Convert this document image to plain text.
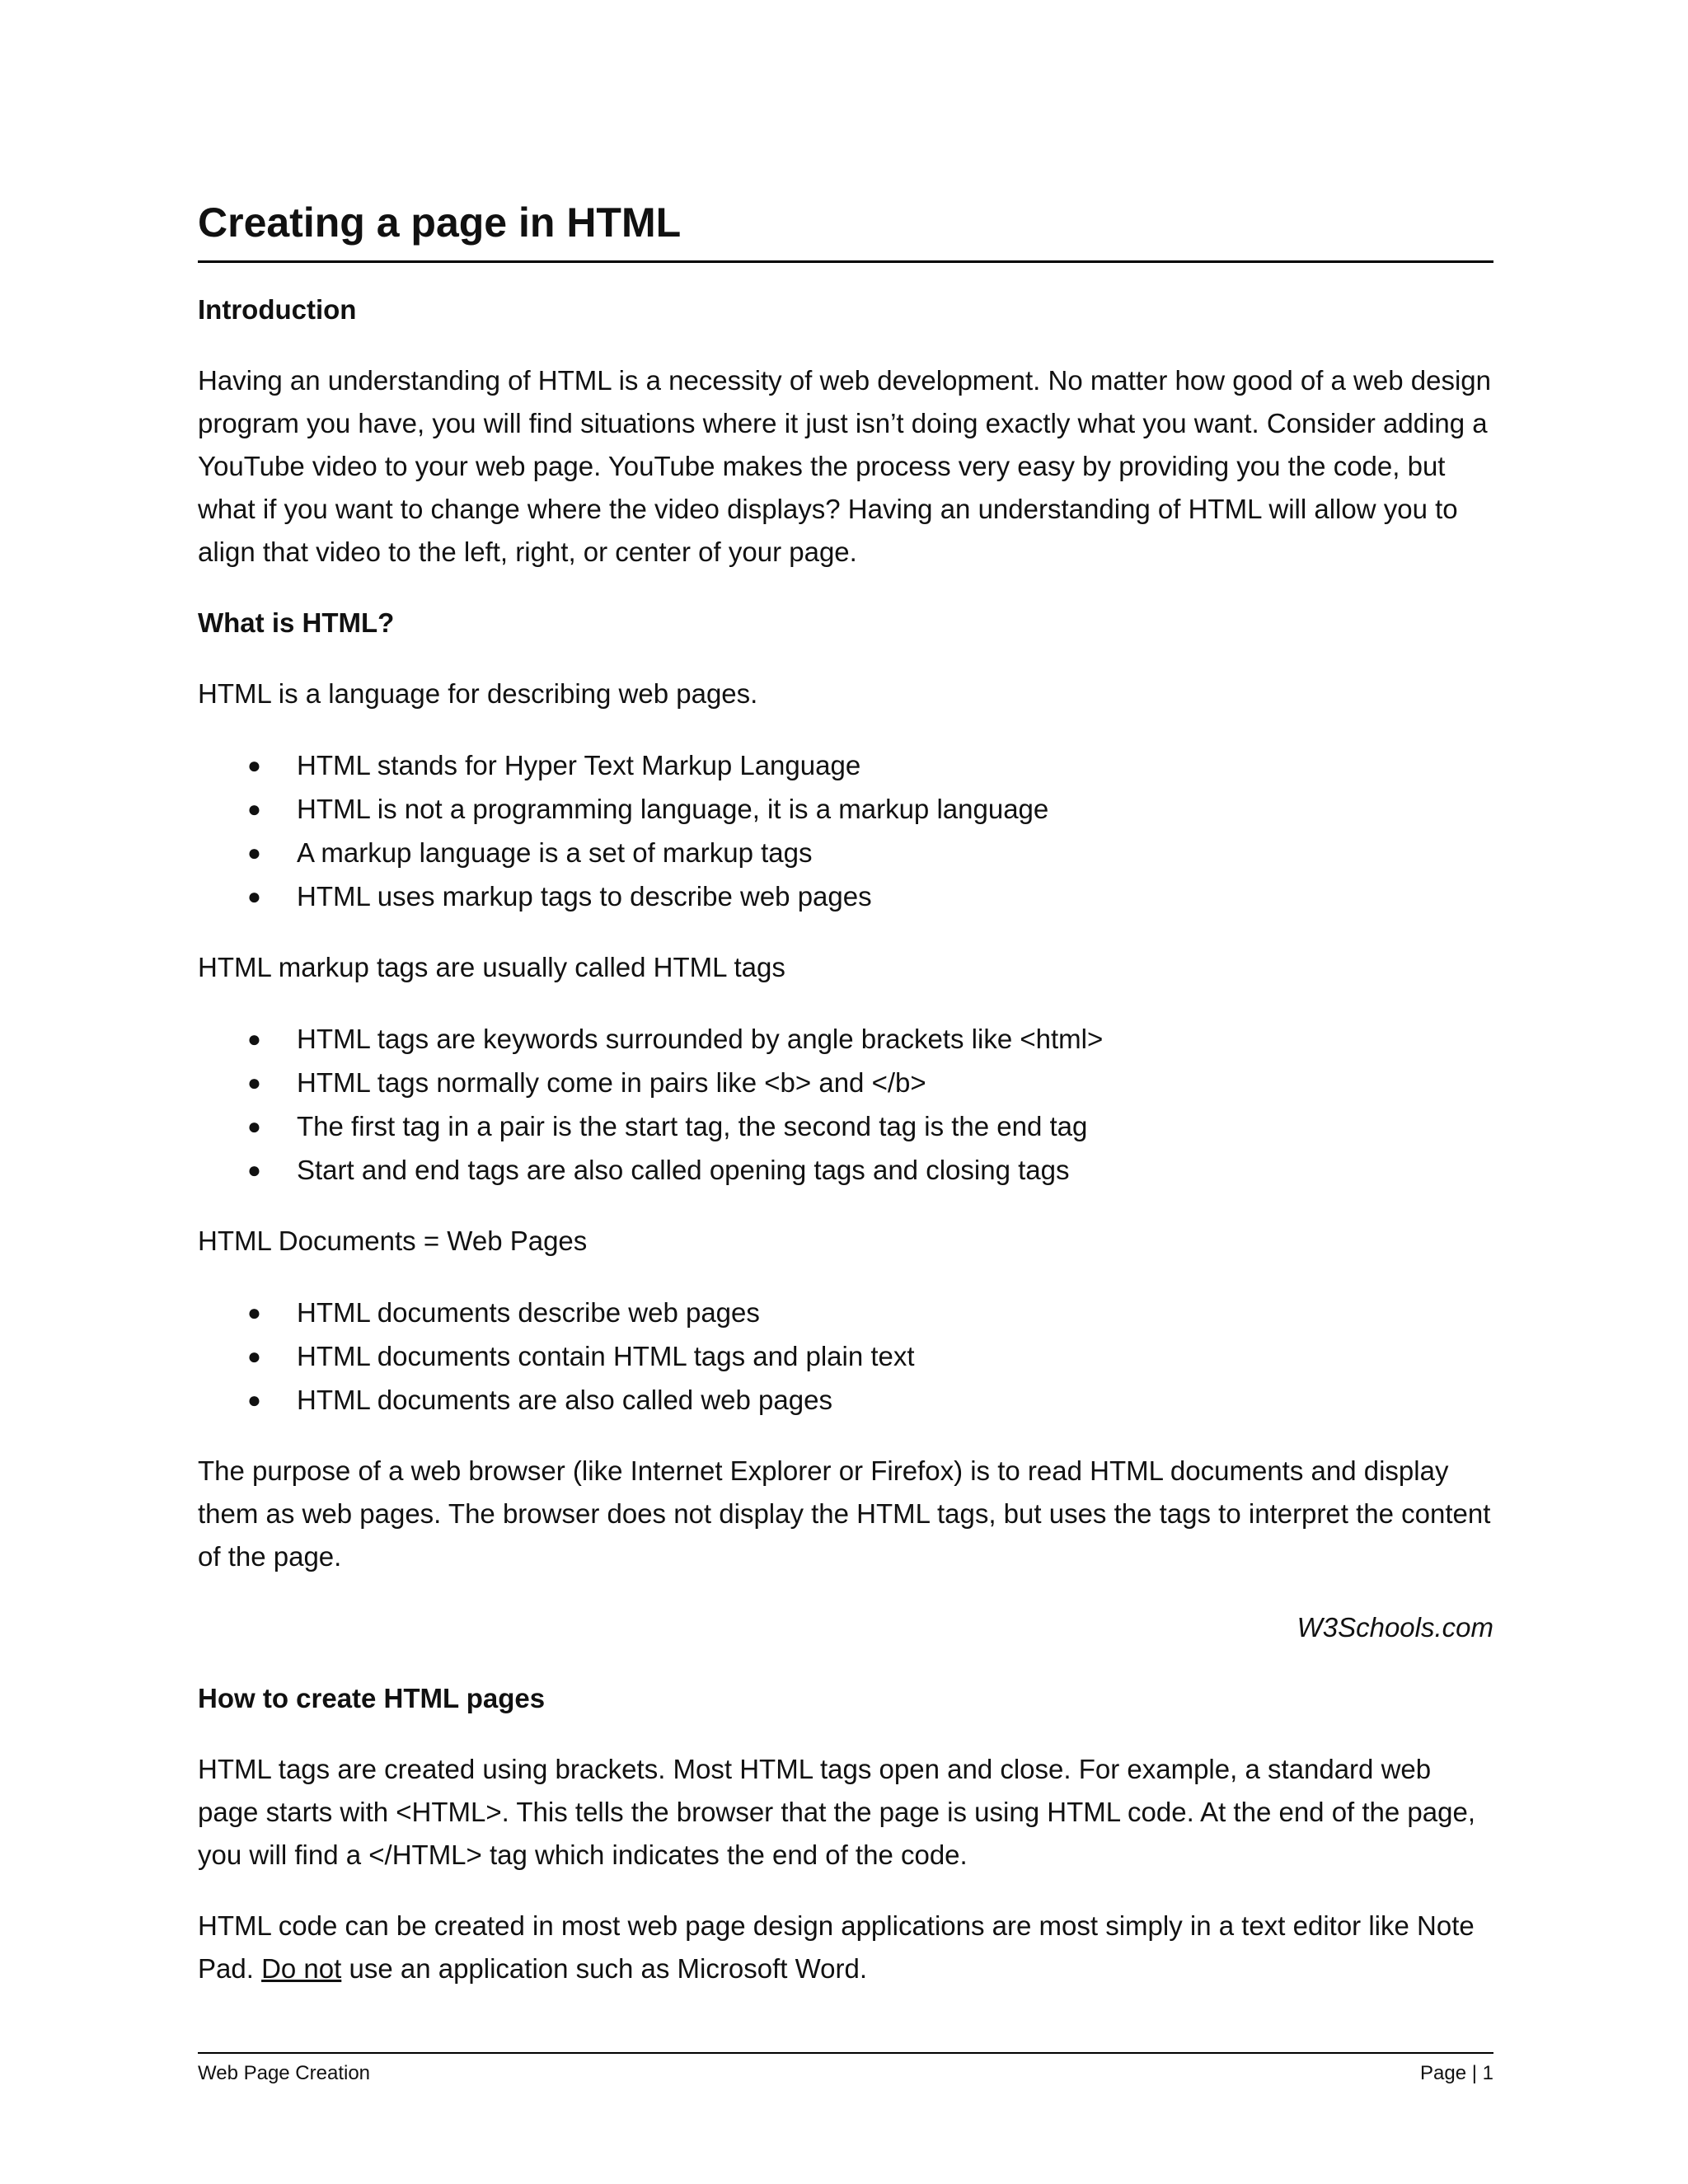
Creating a page in HTML
Introduction

Having an understanding of HTML is a necessity of web development. No matter how good of a web design program you have, you will find situations where it just isn’t doing exactly what you want. Consider adding a YouTube video to your web page. YouTube makes the process very easy by providing you the code, but what if you want to change where the video displays? Having an understanding of HTML will allow you to align that video to the left, right, or center of your page.

What is HTML?

HTML is a language for describing web pages.

● HTML stands for Hyper Text Markup Language
● HTML is not a programming language, it is a markup language
● A markup language is a set of markup tags
● HTML uses markup tags to describe web pages

HTML markup tags are usually called HTML tags

● HTML tags are keywords surrounded by angle brackets like <html>
● HTML tags normally come in pairs like <b> and </b>
● The first tag in a pair is the start tag, the second tag is the end tag
● Start and end tags are also called opening tags and closing tags

HTML Documents = Web Pages

● HTML documents describe web pages
● HTML documents contain HTML tags and plain text
● HTML documents are also called web pages

The purpose of a web browser (like Internet Explorer or Firefox) is to read HTML documents and display them as web pages. The browser does not display the HTML tags, but uses the tags to interpret the content of the page.

W3Schools.com

How to create HTML pages

HTML tags are created using brackets. Most HTML tags open and close. For example, a standard web page starts with <HTML>. This tells the browser that the page is using HTML code. At the end of the page, you will find a </HTML> tag which indicates the end of the code.

HTML code can be created in most web page design applications are most simply in a text editor like Note Pad. Do not use an application such as Microsoft Word.

Web Page Creation	Page | 1
